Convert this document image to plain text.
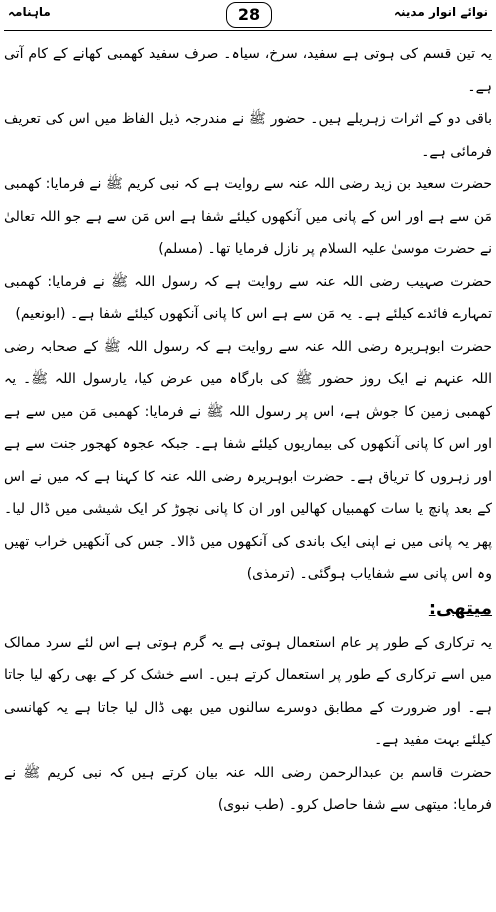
ماہنامہ	28	نوائے انوار مدینہ

یہ تین قسم کی ہوتی ہے سفید، سرخ، سیاہ۔ صرف سفید کھمبی کھانے کے کام آتی ہے۔

باقی دو کے اثرات زہریلے ہیں۔ حضور ﷺ نے مندرجہ ذیل الفاظ میں اس کی تعریف فرمائی ہے۔

حضرت سعید بن زید رضی اللہ عنہ سے روایت ہے کہ نبی کریم ﷺ نے فرمایا: کھمبی مَن سے ہے اور اس کے پانی میں آنکھوں کیلئے شفا ہے اس مَن سے ہے جو اللہ تعالیٰ نے حضرت موسیٰ علیہ السلام پر نازل فرمایا تھا۔ (مسلم)

حضرت صہیب رضی اللہ عنہ سے روایت ہے کہ رسول اللہ ﷺ نے فرمایا: کھمبی تمہارے فائدے کیلئے ہے۔ یہ مَن سے ہے اس کا پانی آنکھوں کیلئے شفا ہے۔ (ابونعیم)

حضرت ابوہریرہ رضی اللہ عنہ سے روایت ہے کہ رسول اللہ ﷺ کے صحابہ رضی اللہ عنہم نے ایک روز حضور ﷺ کی بارگاہ میں عرض کیا، یارسول اللہ ﷺ۔ یہ کھمبی زمین کا جوش ہے، اس پر رسول اللہ ﷺ نے فرمایا: کھمبی مَن میں سے ہے اور اس کا پانی آنکھوں کی بیماریوں کیلئے شفا ہے۔ جبکہ عجوہ کھجور جنت سے ہے اور زہروں کا تریاق ہے۔ حضرت ابوہریرہ رضی اللہ عنہ کا کہنا ہے کہ میں نے اس کے بعد پانچ یا سات کھمبیاں کھالیں اور ان کا پانی نچوڑ کر ایک شیشی میں ڈال لیا۔ پھر یہ پانی میں نے اپنی ایک باندی کی آنکھوں میں ڈالا۔ جس کی آنکھیں خراب تھیں وہ اس پانی سے شفایاب ہوگئی۔ (ترمذی)

میتھی:

یہ ترکاری کے طور پر عام استعمال ہوتی ہے یہ گرم ہوتی ہے اس لئے سرد ممالک میں اسے ترکاری کے طور پر استعمال کرتے ہیں۔ اسے خشک کر کے بھی رکھ لیا جاتا ہے۔ اور ضرورت کے مطابق دوسرے سالنوں میں بھی ڈال لیا جاتا ہے یہ کھانسی کیلئے بہت مفید ہے۔

حضرت قاسم بن عبدالرحمن رضی اللہ عنہ بیان کرتے ہیں کہ نبی کریم ﷺ نے فرمایا: میتھی سے شفا حاصل کرو۔ (طب نبوی)
